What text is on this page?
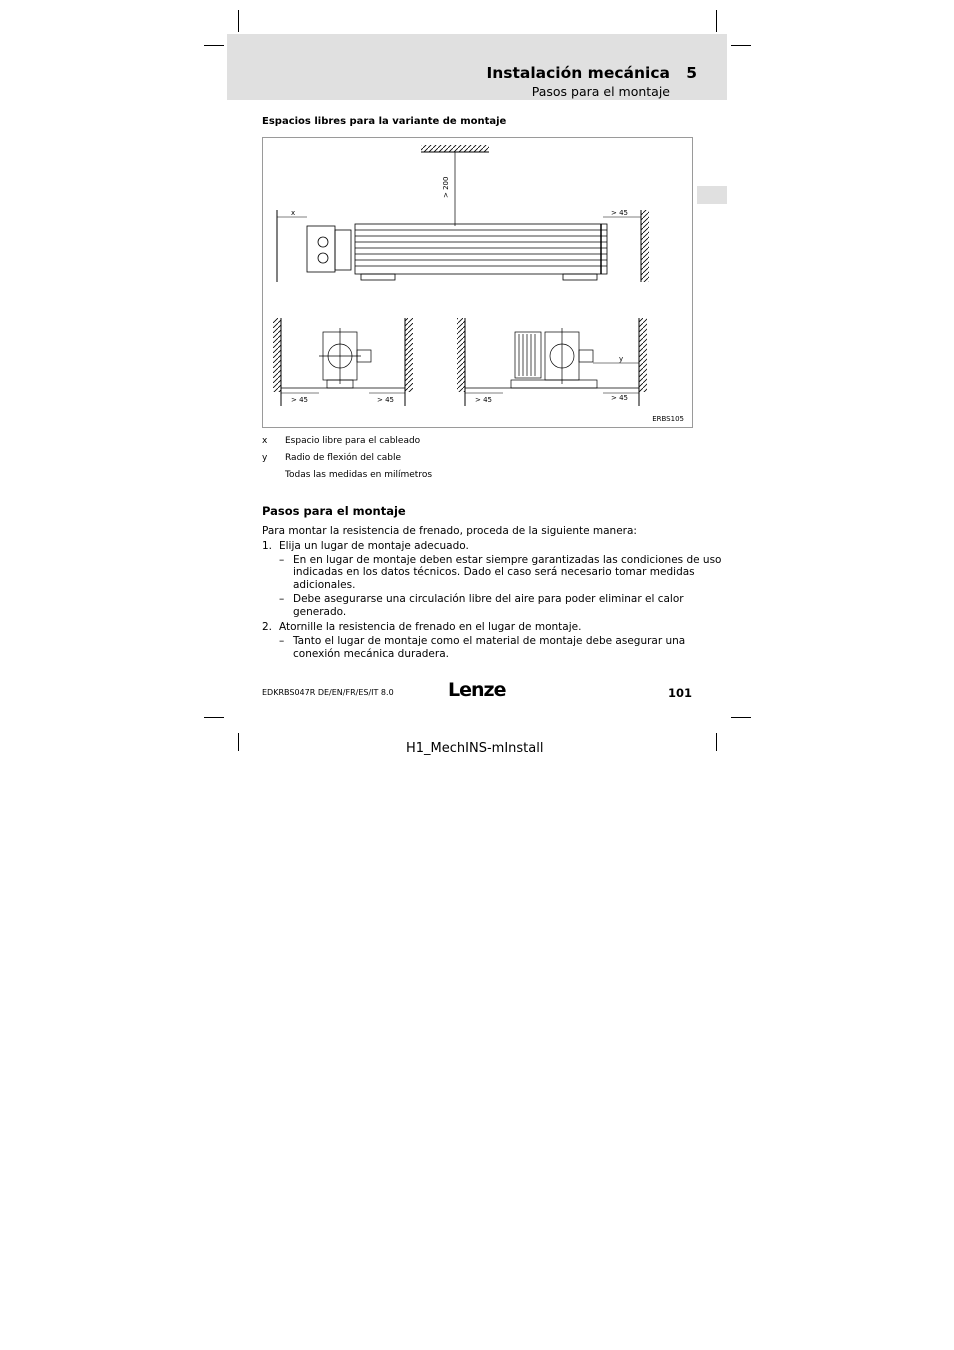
Instalación mecánica 5
Pasos para el montaje
Espacios libres para la variante de montaje
> 200
x	> 45
> 45	> 45
y
> 45	> 45
ERBS105
x Espacio libre para el cableado
y Radio de flexión del cable
Todas las medidas en milímetros
Pasos para el montaje
Para montar la resistencia de frenado, proceda de la siguiente manera:
1. Elija un lugar de montaje adecuado.
– En en lugar de montaje deben estar siempre garantizadas las condiciones de uso
indicadas en los datos técnicos. Dado el caso será necesario tomar medidas
adicionales.
– Debe asegurarse una circulación libre del aire para poder eliminar el calor
generado.
2. Atornille la resistencia de frenado en el lugar de montaje.
– Tanto el lugar de montaje como el material de montaje debe asegurar una
conexión mecánica duradera.
EDKRBS047R DE/EN/FR/ES/IT 8.0	Lenze	101
H1_MechINS-mInstall
